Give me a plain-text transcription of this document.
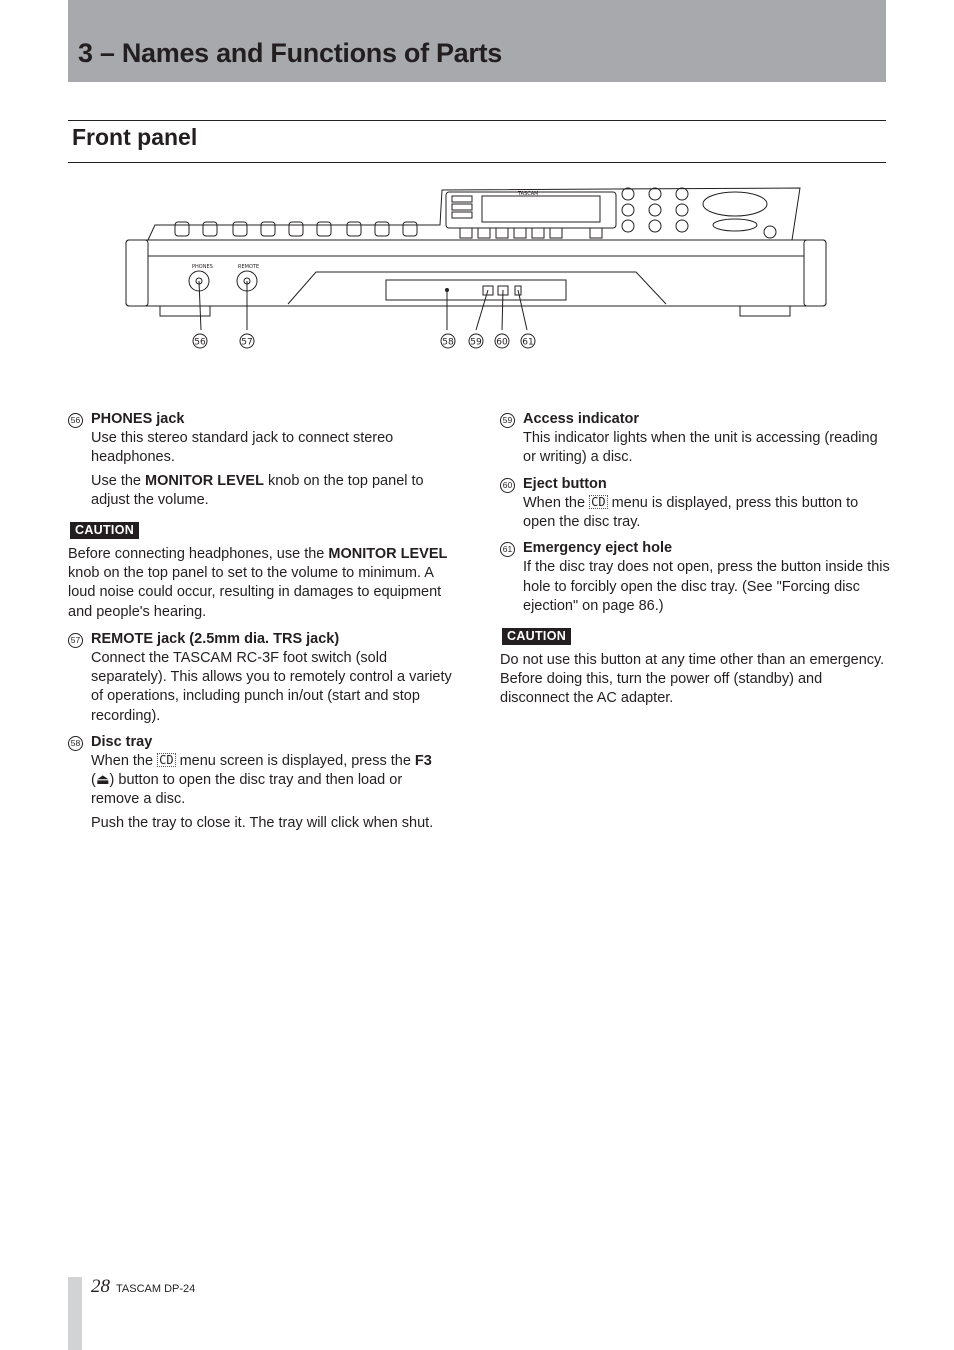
3 – Names and Functions of Parts
Front panel
PHONES	REMOTE
TASCAM
56	57	58 59 60 61
56 PHONES jack

Use this stereo standard jack to connect stereo headphones.

Use the MONITOR LEVEL knob on the top panel to adjust the volume.

CAUTION

Before connecting headphones, use the MONITOR LEVEL knob on the top panel to set to the volume to minimum. A loud noise could occur, resulting in damages to equipment and people's hearing.

57 REMOTE jack (2.5mm dia. TRS jack)

Connect the TASCAM RC-3F foot switch (sold separately). This allows you to remotely control a variety of operations, including punch in/out (start and stop recording).

58 Disc tray

When the CD menu screen is displayed, press the F3 (⏏) button to open the disc tray and then load or remove a disc.

Push the tray to close it. The tray will click when shut.

59 Access indicator

This indicator lights when the unit is accessing (reading or writing) a disc.

60 Eject button

When the CD menu is displayed, press this button to open the disc tray.

61 Emergency eject hole

If the disc tray does not open, press the button inside this hole to forcibly open the disc tray. (See "Forcing disc ejection" on page 86.)

CAUTION

Do not use this button at any time other than an emergency. Before doing this, turn the power off (standby) and disconnect the AC adapter.

28 TASCAM DP-24
